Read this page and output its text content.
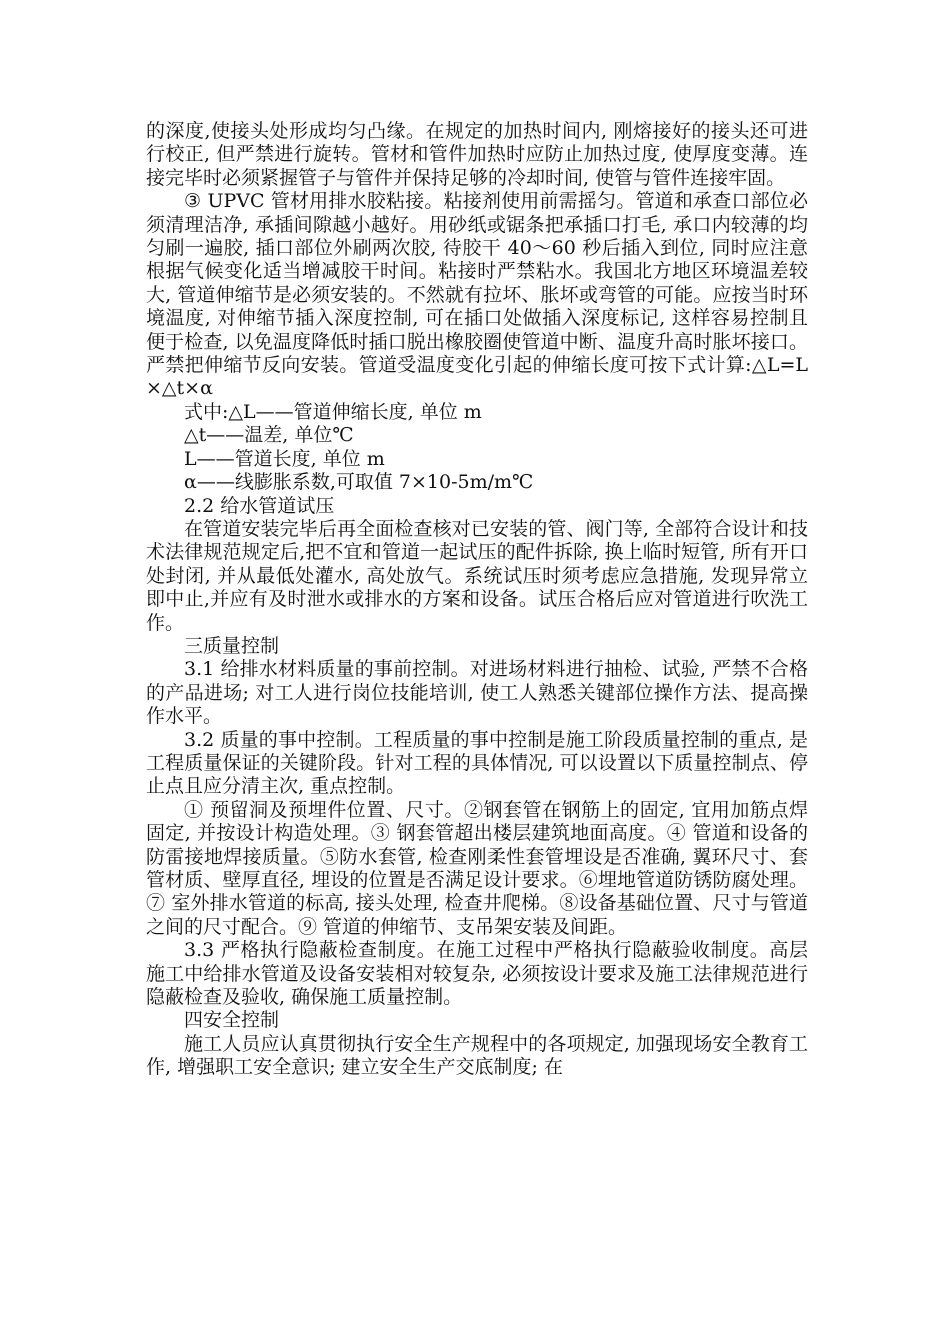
的深度,使接头处形成均匀凸缘。在规定的加热时间内, 刚熔接好的接头还可进行校正, 但严禁进行旋转。管材和管件加热时应防止加热过度, 使厚度变薄。连接完毕时必须紧握管子与管件并保持足够的冷却时间, 使管与管件连接牢固。

③ UPVC 管材用排水胶粘接。粘接剂使用前需摇匀。管道和承查口部位必须清理洁净, 承插间隙越小越好。用砂纸或锯条把承插口打毛, 承口内较薄的均匀刷一遍胶, 插口部位外刷两次胶, 待胶干 40～60 秒后插入到位, 同时应注意根据气候变化适当增减胶干时间。粘接时严禁粘水。我国北方地区环境温差较大, 管道伸缩节是必须安装的。不然就有拉坏、胀坏或弯管的可能。应按当时环境温度, 对伸缩节插入深度控制, 可在插口处做插入深度标记, 这样容易控制且便于检查, 以免温度降低时插口脱出橡胶圈使管道中断、温度升高时胀坏接口。严禁把伸缩节反向安装。管道受温度变化引起的伸缩长度可按下式计算:△L=L×△t×α

式中:△L——管道伸缩长度, 单位 m

△t——温差, 单位℃

L——管道长度, 单位 m

α——线膨胀系数,可取值 7×10-5m/m℃

2.2 给水管道试压

在管道安装完毕后再全面检查核对已安装的管、阀门等, 全部符合设计和技术法律规范规定后,把不宜和管道一起试压的配件拆除, 换上临时短管, 所有开口处封闭, 并从最低处灌水, 高处放气。系统试压时须考虑应急措施, 发现异常立即中止,并应有及时泄水或排水的方案和设备。试压合格后应对管道进行吹洗工作。

三质量控制

3.1 给排水材料质量的事前控制。对进场材料进行抽检、试验, 严禁不合格的产品进场; 对工人进行岗位技能培训, 使工人熟悉关键部位操作方法、提高操作水平。

3.2 质量的事中控制。工程质量的事中控制是施工阶段质量控制的重点, 是工程质量保证的关键阶段。针对工程的具体情况, 可以设置以下质量控制点、停止点且应分清主次, 重点控制。

① 预留洞及预埋件位置、尺寸。②钢套管在钢筋上的固定, 宜用加筋点焊固定, 并按设计构造处理。③ 钢套管超出楼层建筑地面高度。④ 管道和设备的防雷接地焊接质量。⑤防水套管, 检查刚柔性套管埋设是否准确, 翼环尺寸、套管材质、壁厚直径, 埋设的位置是否满足设计要求。⑥埋地管道防锈防腐处理。⑦ 室外排水管道的标高, 接头处理, 检查井爬梯。⑧设备基础位置、尺寸与管道之间的尺寸配合。⑨ 管道的伸缩节、支吊架安装及间距。

3.3 严格执行隐蔽检查制度。在施工过程中严格执行隐蔽验收制度。高层施工中给排水管道及设备安装相对较复杂, 必须按设计要求及施工法律规范进行隐蔽检查及验收, 确保施工质量控制。

四安全控制

施工人员应认真贯彻执行安全生产规程中的各项规定, 加强现场安全教育工作, 增强职工安全意识; 建立安全生产交底制度; 在
